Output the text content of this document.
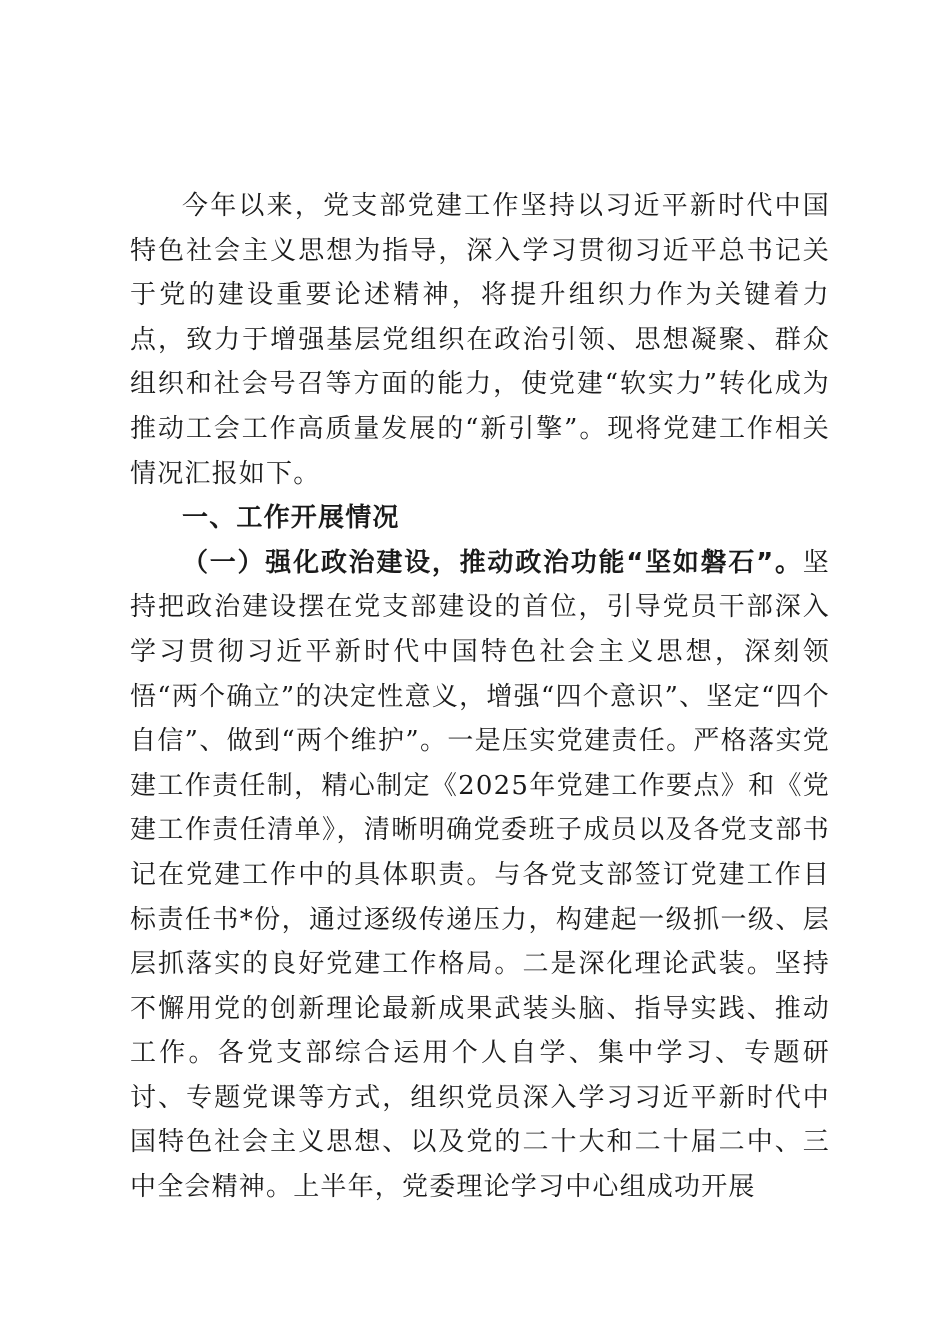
今年以来，党支部党建工作坚持以习近平新时代中国特色社会主义思想为指导，深入学习贯彻习近平总书记关于党的建设重要论述精神，将提升组织力作为关键着力点，致力于增强基层党组织在政治引领、思想凝聚、群众组织和社会号召等方面的能力，使党建“软实力”转化成为推动工会工作高质量发展的“新引擎”。现将党建工作相关情况汇报如下。

一、工作开展情况

（一）强化政治建设，推动政治功能“坚如磐石”。坚持把政治建设摆在党支部建设的首位，引导党员干部深入学习贯彻习近平新时代中国特色社会主义思想，深刻领悟“两个确立”的决定性意义，增强“四个意识”、坚定“四个自信”、做到“两个维护”。一是压实党建责任。严格落实党建工作责任制，精心制定《2025年党建工作要点》和《党建工作责任清单》，清晰明确党委班子成员以及各党支部书记在党建工作中的具体职责。与各党支部签订党建工作目标责任书*份，通过逐级传递压力，构建起一级抓一级、层层抓落实的良好党建工作格局。二是深化理论武装。坚持不懈用党的创新理论最新成果武装头脑、指导实践、推动工作。各党支部综合运用个人自学、集中学习、专题研讨、专题党课等方式，组织党员深入学习习近平新时代中国特色社会主义思想、以及党的二十大和二十届二中、三中全会精神。上半年，党委理论学习中心组成功开展
